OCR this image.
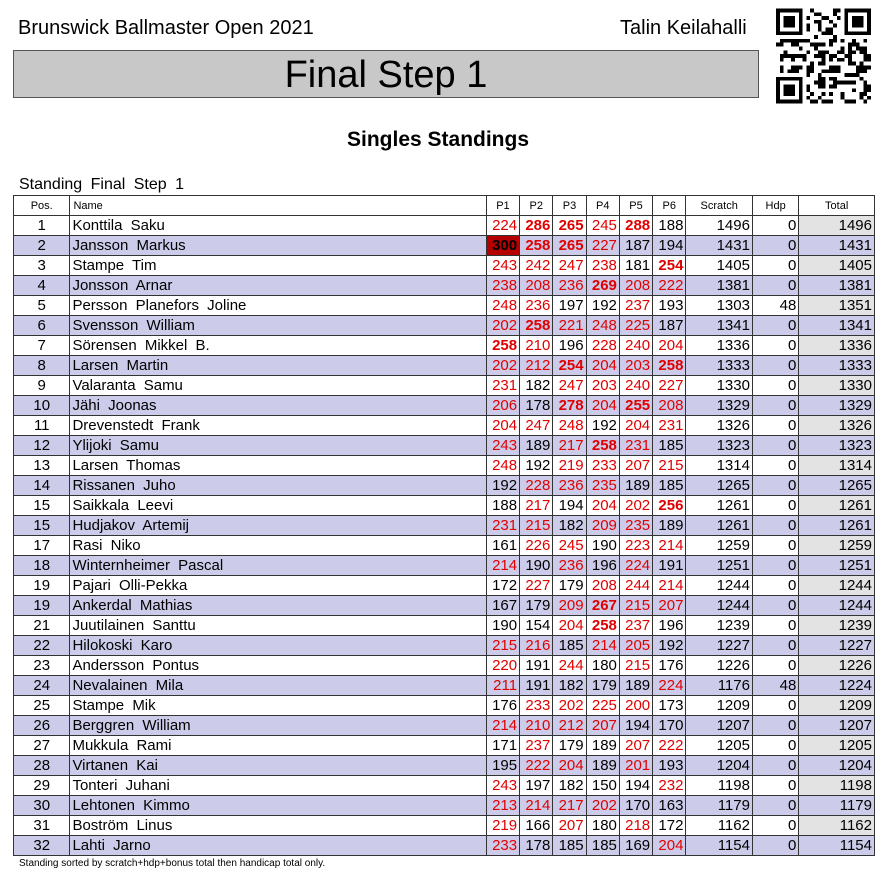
Brunswick Ballmaster Open 2021	Talin Keilahalli
Final Step 1
Singles Standings
Standing Final Step 1
Pos.	Name	P1	P2	P3	P4	P5	P6	Scratch	Hdp	Total
1	Konttila Saku	224	286	265	245	288	188	1496	0	1496
2	Jansson Markus	300	258	265	227	187	194	1431	0	1431
3	Stampe Tim	243	242	247	238	181	254	1405	0	1405
4	Jonsson Arnar	238	208	236	269	208	222	1381	0	1381
5	Persson Planefors Joline	248	236	197	192	237	193	1303	48	1351
6	Svensson William	202	258	221	248	225	187	1341	0	1341
7	Sörensen Mikkel B.	258	210	196	228	240	204	1336	0	1336
8	Larsen Martin	202	212	254	204	203	258	1333	0	1333
9	Valaranta Samu	231	182	247	203	240	227	1330	0	1330
10	Jähi Joonas	206	178	278	204	255	208	1329	0	1329
11	Drevenstedt Frank	204	247	248	192	204	231	1326	0	1326
12	Ylijoki Samu	243	189	217	258	231	185	1323	0	1323
13	Larsen Thomas	248	192	219	233	207	215	1314	0	1314
14	Rissanen Juho	192	228	236	235	189	185	1265	0	1265
15	Saikkala Leevi	188	217	194	204	202	256	1261	0	1261
15	Hudjakov Artemij	231	215	182	209	235	189	1261	0	1261
17	Rasi Niko	161	226	245	190	223	214	1259	0	1259
18	Winternheimer Pascal	214	190	236	196	224	191	1251	0	1251
19	Pajari Olli-Pekka	172	227	179	208	244	214	1244	0	1244
19	Ankerdal Mathias	167	179	209	267	215	207	1244	0	1244
21	Juutilainen Santtu	190	154	204	258	237	196	1239	0	1239
22	Hilokoski Karo	215	216	185	214	205	192	1227	0	1227
23	Andersson Pontus	220	191	244	180	215	176	1226	0	1226
24	Nevalainen Mila	211	191	182	179	189	224	1176	48	1224
25	Stampe Mik	176	233	202	225	200	173	1209	0	1209
26	Berggren William	214	210	212	207	194	170	1207	0	1207
27	Mukkula Rami	171	237	179	189	207	222	1205	0	1205
28	Virtanen Kai	195	222	204	189	201	193	1204	0	1204
29	Tonteri Juhani	243	197	182	150	194	232	1198	0	1198
30	Lehtonen Kimmo	213	214	217	202	170	163	1179	0	1179
31	Boström Linus	219	166	207	180	218	172	1162	0	1162
32	Lahti Jarno	233	178	185	185	169	204	1154	0	1154
Standing sorted by scratch+hdp+bonus total then handicap total only.
